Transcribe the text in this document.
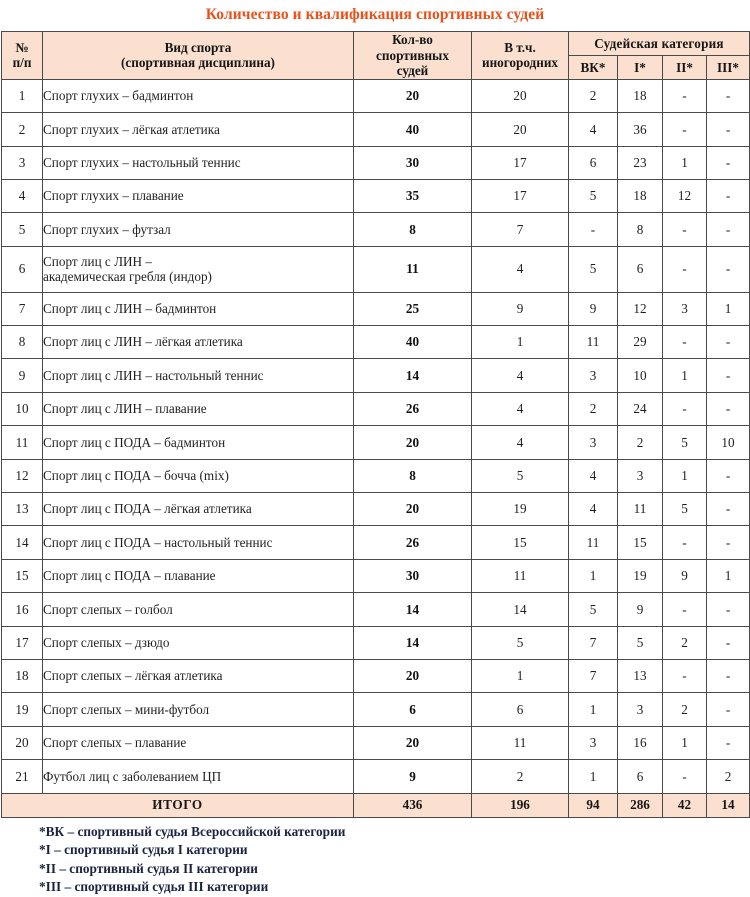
Количество и квалификация спортивных судей
№
п/п

Вид спорта
(спортивная дисциплина)

Кол-во
спортивных
судей

В т.ч.
иногородних
	Судейская категория
				ВК*	I*	II*	III*
1	Спорт глухих – бадминтон	20	20	2	18	-	-
2	Спорт глухих – лёгкая атлетика	40	20	4	36	-	-
3	Спорт глухих – настольный теннис	30	17	6	23	1	-
4	Спорт глухих – плавание	35	17	5	18	12	-
5	Спорт глухих – футзал	8	7	-	8	-	-
6	Спорт лиц с ЛИН –
академическая гребля (индор)	11	4	5	6	-	-
7	Спорт лиц с ЛИН – бадминтон	25	9	9	12	3	1
8	Спорт лиц с ЛИН – лёгкая атлетика	40	1	11	29	-	-
9	Спорт лиц с ЛИН – настольный теннис	14	4	3	10	1	-
10	Спорт лиц с ЛИН – плавание	26	4	2	24	-	-
11	Спорт лиц с ПОДА – бадминтон	20	4	3	2	5	10
12	Спорт лиц с ПОДА – бочча (mix)	8	5	4	3	1	-
13	Спорт лиц с ПОДА – лёгкая атлетика	20	19	4	11	5	-
14	Спорт лиц с ПОДА – настольный теннис	26	15	11	15	-	-
15	Спорт лиц с ПОДА – плавание	30	11	1	19	9	1
16	Спорт слепых – голбол	14	14	5	9	-	-
17	Спорт слепых – дзюдо	14	5	7	5	2	-
18	Спорт слепых – лёгкая атлетика	20	1	7	13	-	-
19	Спорт слепых – мини-футбол	6	6	1	3	2	-
20	Спорт слепых – плавание	20	11	3	16	1	-
21	Футбол лиц с заболеванием ЦП	9	2	1	6	-	2
ИТОГО		436	196	94	286	42	14
*ВК – спортивный судья Всероссийской категории
*I – спортивный судья I категории
*II – спортивный судья II категории
*III – спортивный судья III категории
